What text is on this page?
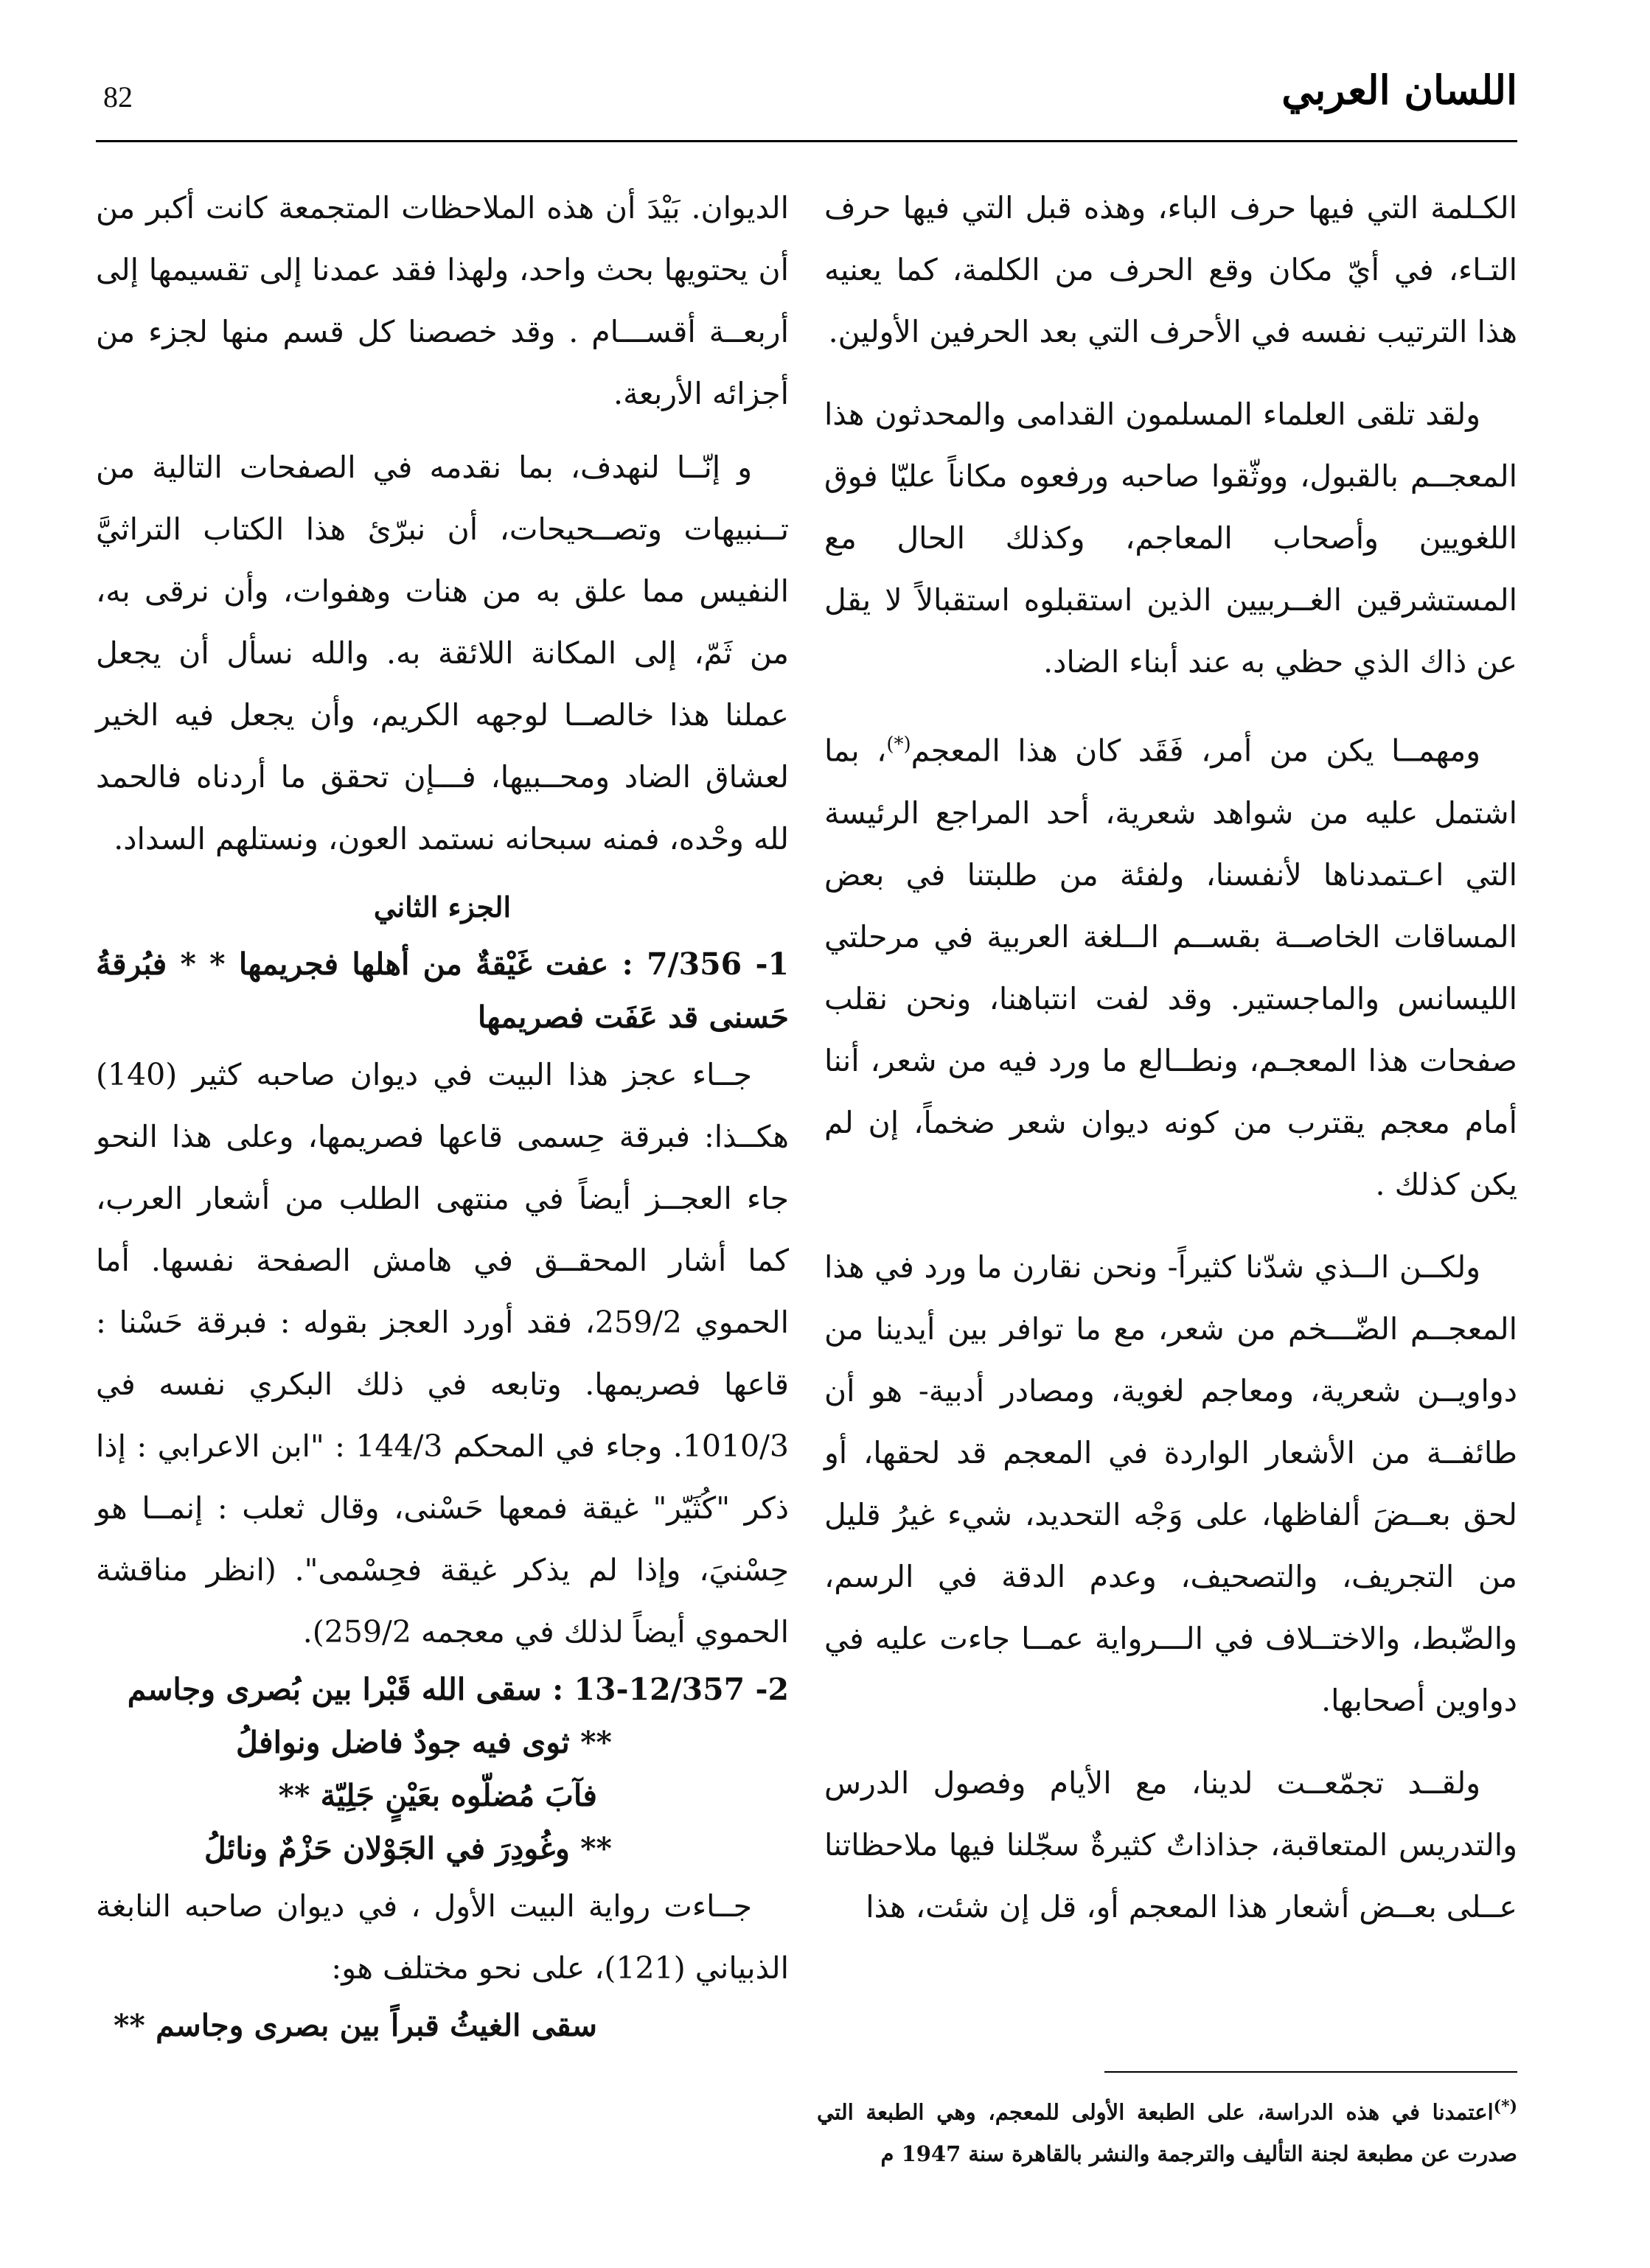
82	اللسان العربي

الكـلمة التي فيها حرف الباء، وهذه قبل التي فيها حرف التـاء، في أيّ مكان وقع الحرف من الكلمة، كما يعنيه هذا الترتيب نفسه في الأحرف التي بعد الحرفين الأولين.

ولقد تلقى العلماء المسلمون القدامى والمحدثون هذا المعجــم بالقبول، ووثّقوا صاحبه ورفعوه مكاناً عليّا فوق اللغويين وأصحاب المعاجم، وكذلك الحال مع المستشرقين الغــربيين الذين استقبلوه استقبالاً لا يقل عن ذاك الذي حظي به عند أبناء الضاد.

ومهمــا يكن من أمر، فَقَد كان هذا المعجم(*)، بما اشتمل عليه من شواهد شعرية، أحد المراجع الرئيسة التي اعـتمدناها لأنفسنا، ولفئة من طلبتنا في بعض المساقات الخاصــة بقســم الــلغة العربية في مرحلتي الليسانس والماجستير. وقد لفت انتباهنا، ونحن نقلب صفحات هذا المعجـم، ونطــالع ما ورد فيه من شعر، أننا أمام معجم يقترب من كونه ديوان شعر ضخماً، إن لم يكن كذلك .

ولكــن الــذي شدّنا كثيراً- ونحن نقارن ما ورد في هذا المعجــم الضّـــخم من شعر، مع ما توافر بين أيدينا من دواويــن شعرية، ومعاجم لغوية، ومصادر أدبية- هو أن طائفــة من الأشعار الواردة في المعجم قد لحقها، أو لحق بعــضَ ألفاظها، على وَجْه التحديد، شيء غيرُ قليل من التجريف، والتصحيف، وعدم الدقة في الرسم، والضّبط، والاختــلاف في الـــرواية عمــا جاءت عليه في دواوين أصحابها.

ولقــد تجمّعــت لدينا، مع الأيام وفصول الدرس والتدريس المتعاقبة، جذاذاتٌ كثيرةٌ سجّلنا فيها ملاحظاتنا عــلى بعــض أشعار هذا المعجم أو، قل إن شئت، هذا

الديوان. بَيْدَ أن هذه الملاحظات المتجمعة كانت أكبر من أن يحتويها بحث واحد، ولهذا فقد عمدنا إلى تقسيمها إلى أربعــة أقســـام . وقد خصصنا كل قسم منها لجزء من أجزائه الأربعة.

و إنّــا لنهدف، بما نقدمه في الصفحات التالية من تــنبيهات وتصــحيحات، أن نبرّئ هذا الكتاب التراثيَّ النفيس مما علق به من هنات وهفوات، وأن نرقى به، من ثَمّ، إلى المكانة اللائقة به. والله نسأل أن يجعل عملنا هذا خالصــا لوجهه الكريم، وأن يجعل فيه الخير لعشاق الضاد ومحــبيها، فـــإن تحقق ما أردناه فالحمد لله وحْده، فمنه سبحانه نستمد العون، ونستلهم السداد.

الجزء الثاني

1- 7/356 : عفت غَيْقةٌ من أهلها فجريمها * * فبُرقةُ حَسنى قد عَفَت فصريمها

جــاء عجز هذا البيت في ديوان صاحبه كثير (140) هكــذا: فبرقة حِسمى قاعها فصريمها، وعلى هذا النحو جاء العجــز أيضاً في منتهى الطلب من أشعار العرب، كما أشار المحقــق في هامش الصفحة نفسها. أما الحموي 259/2، فقد أورد العجز بقوله : فبرقة حَسْنا : قاعها فصريمها. وتابعه في ذلك البكري نفسه في 1010/3. وجاء في المحكم 144/3 : "ابن الاعرابي : إذا ذكر "كُثَيّر" غيقة فمعها حَسْنى، وقال ثعلب : إنمــا هو حِسْنيَ، وإذا لم يذكر غيقة فحِسْمى". (انظر مناقشة الحموي أيضاً لذلك في معجمه 259/2).

2- 13-12/357 : سقى الله قَبْرا بين بُصرى وجاسم

** ثوى فيه جودٌ فاضل ونوافلُ

فآبَ مُضلّوه بعَيْنٍ جَلِيّة **

** وغُودِرَ في الجَوْلان حَزْمٌ ونائلُ

جــاءت رواية البيت الأول ، في ديوان صاحبه النابغة الذبياني (121)، على نحو مختلف هو:

سقى الغيثُ قبراً بين بصرى وجاسم **

(*)اعتمدنا في هذه الدراسة، على الطبعة الأولى للمعجم، وهي الطبعة التي صدرت عن مطبعة لجنة التأليف والترجمة والنشر بالقاهرة سنة 1947 م
